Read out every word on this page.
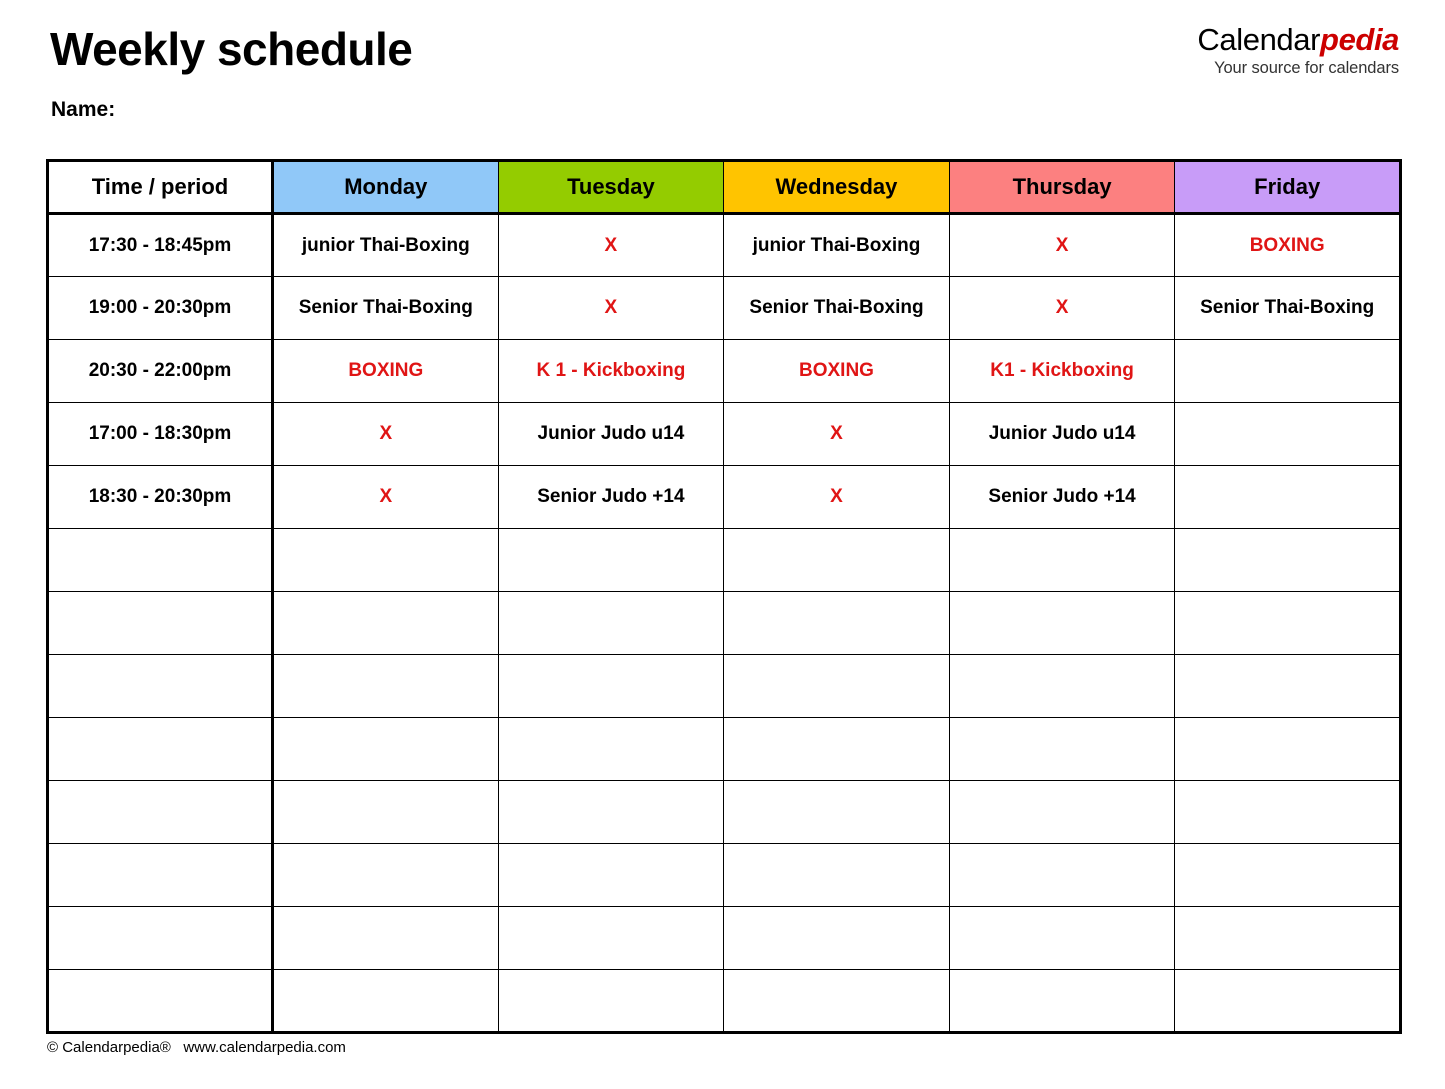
Weekly schedule
Name:
Calendarpedia
Your source for calendars
Time / period	Monday	Tuesday	Wednesday	Thursday	Friday
17:30 - 18:45pm	junior Thai-Boxing	X	junior Thai-Boxing	X	BOXING
19:00 - 20:30pm	Senior Thai-Boxing	X	Senior Thai-Boxing	X	Senior Thai-Boxing
20:30 - 22:00pm	BOXING	K 1 - Kickboxing	BOXING	K1 - Kickboxing	
17:00 - 18:30pm	X	Junior Judo u14	X	Junior Judo u14	
18:30 - 20:30pm	X	Senior Judo +14	X	Senior Judo +14	

© Calendarpedia®   www.calendarpedia.com
